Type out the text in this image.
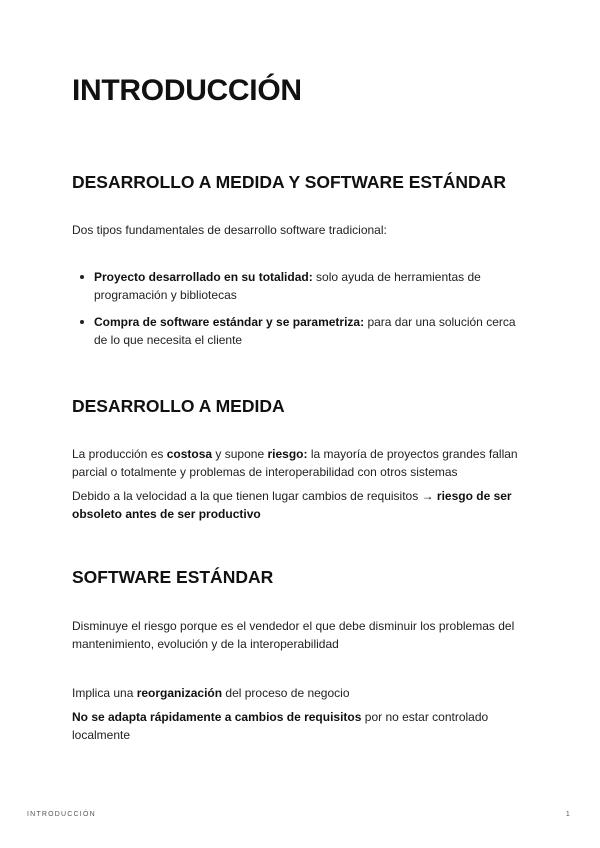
INTRODUCCIÓN
DESARROLLO A MEDIDA Y SOFTWARE ESTÁNDAR

Dos tipos fundamentales de desarrollo software tradicional:

Proyecto desarrollado en su totalidad: solo ayuda de herramientas de programación y bibliotecas

Compra de software estándar y se parametriza: para dar una solución cerca de lo que necesita el cliente

DESARROLLO A MEDIDA

La producción es costosa y supone riesgo: la mayoría de proyectos grandes fallan parcial o totalmente y problemas de interoperabilidad con otros sistemas

Debido a la velocidad a la que tienen lugar cambios de requisitos → riesgo de ser obsoleto antes de ser productivo

SOFTWARE ESTÁNDAR

Disminuye el riesgo porque es el vendedor el que debe disminuir los problemas del mantenimiento, evolución y de la interoperabilidad

Implica una reorganización del proceso de negocio

No se adapta rápidamente a cambios de requisitos por no estar controlado localmente

INTRODUCCIÓN	1
